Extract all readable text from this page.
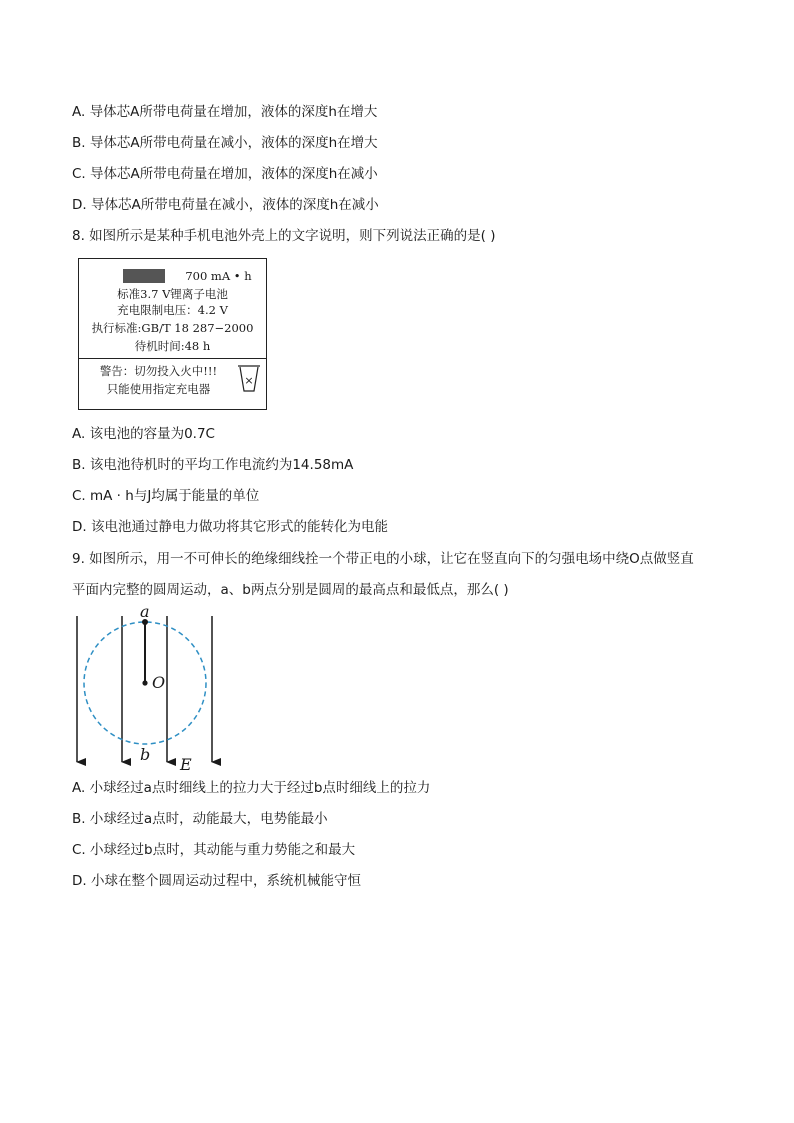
A. 导体芯A所带电荷量在增加，液体的深度h在增大
B. 导体芯A所带电荷量在减小，液体的深度h在增大
C. 导体芯A所带电荷量在增加，液体的深度h在减小
D. 导体芯A所带电荷量在减小，液体的深度h在减小
8. 如图所示是某种手机电池外壳上的文字说明，则下列说法正确的是( )
700 mA • h
标准3.7 V锂离子电池
充电限制电压：4.2 V
执行标准:GB/T 18 287−2000
待机时间:48 h
警告：切勿投入火中!!!
只能使用指定充电器
×
A. 该电池的容量为0.7C
B. 该电池待机时的平均工作电流约为14.58mA
C. mA · h与J均属于能量的单位
D. 该电池通过静电力做功将其它形式的能转化为电能
9. 如图所示，用一不可伸长的绝缘细线拴一个带正电的小球，让它在竖直向下的匀强电场中绕O点做竖直
平面内完整的圆周运动，a、b两点分别是圆周的最高点和最低点，那么( )
a
O
b
E
A. 小球经过a点时细线上的拉力大于经过b点时细线上的拉力
B. 小球经过a点时，动能最大，电势能最小
C. 小球经过b点时，其动能与重力势能之和最大
D. 小球在整个圆周运动过程中，系统机械能守恒
